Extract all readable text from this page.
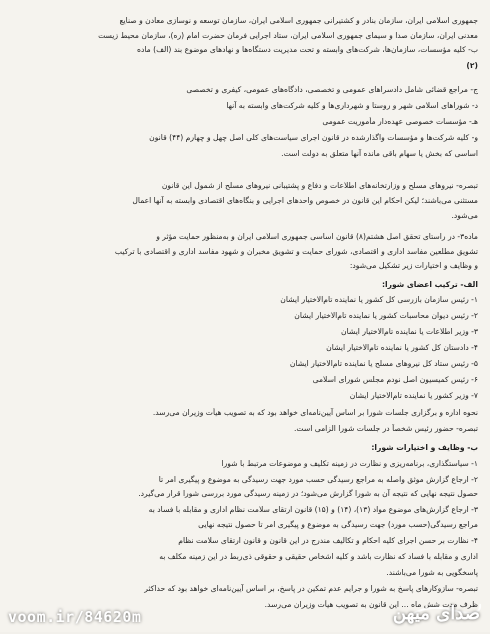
جمهوری اسلامی ایران، سازمان بنادر و کشتیرانی جمهوری اسلامی ایران، سازمان توسعه و نوسازی معادن و صنایع
معدنی ایران، سازمان صدا و سیمای جمهوری اسلامی ایران، ستاد اجرایی فرمان حضرت امام (ره)، سازمان محیط زیست
ب- کلیه مؤسسات، سازمان‌ها، شرکت‌های وابسته و تحت مدیریت دستگاه‌ها و نهادهای موضوع بند (الف) ماده
(۲)
ج- مراجع قضائی شامل دادسراهای عمومی و تخصصی، دادگاه‌های عمومی، کیفری و تخصصی
د- شوراهای اسلامی شهر و روستا و شهرداری‌ها و کلیه شرکت‌های وابسته به آنها
هـ- مؤسسات خصوصی عهده‌دار مأموریت عمومی
و- کلیه شرکت‌ها و مؤسسات واگذارشده در قانون اجرای سیاست‌های کلی اصل چهل و چهارم (۴۴) قانون
اساسی که بخش یا سهام باقی مانده آنها متعلق به دولت است.
تبصره- نیروهای مسلح و وزارتخانه‌های اطلاعات و دفاع و پشتیبانی نیروهای مسلح از شمول این قانون
مستثنی می‌باشند؛ لیکن احکام این قانون در خصوص واحدهای اجرایی و بنگاه‌های اقتصادی وابسته به آنها اعمال
می‌شود.
ماده۳- در راستای تحقق اصل هشتم(۸) قانون اساسی جمهوری اسلامی ایران و به‌منظور حمایت مؤثر و
تشویق مطلعین مفاسد اداری و اقتصادی، شورای حمایت و تشویق مخبران و شهود مفاسد اداری و اقتصادی با ترکیب
و وظایف و اختیارات زیر تشکیل می‌شود:
الف- ترکیب اعضای شورا:
۱- رئیس سازمان بازرسی کل کشور یا نماینده تام‌الاختیار ایشان
۲- رئیس دیوان محاسبات کشور یا نماینده تام‌الاختیار ایشان
۳- وزیر اطلاعات یا نماینده تام‌الاختیار ایشان
۴- دادستان کل کشور یا نماینده تام‌الاختیار ایشان
۵- رئیس ستاد کل نیروهای مسلح یا نماینده تام‌الاختیار ایشان
۶- رئیس کمیسیون اصل نودم مجلس شورای اسلامی
۷- وزیر کشور یا نماینده تام‌الاختیار ایشان
نحوه اداره و برگزاری جلسات شورا بر اساس آیین‌نامه‌ای خواهد بود که به تصویب هیأت وزیران می‌رسد.
تبصره- حضور رئیس شخصاً در جلسات شورا الزامی است.
ب- وظایف و اختیارات شورا:
۱- سیاستگذاری، برنامه‌ریزی و نظارت در زمینه تکلیف و موضوعات مرتبط با شورا
۲- ارجاع گزارش موثق واصله به مراجع رسیدگی حسب مورد جهت رسیدگی به موضوع و پیگیری امر تا
حصول نتیجه نهایی که نتیجه آن به شورا گزارش می‌شود؛ در زمینه رسیدگی مورد بررسی شورا قرار می‌گیرد.
۳- ارجاع گزارش‌های موضوع مواد (۱۳)، (۱۴) و (۱۵) قانون ارتقای سلامت نظام اداری و مقابله با فساد به
مراجع رسیدگی(حسب مورد) جهت رسیدگی به موضوع و پیگیری امر تا حصول نتیجه نهایی
۴- نظارت بر حسن اجرای کلیه احکام و تکالیف مندرج در این قانون و قانون ارتقای سلامت نظام
اداری و مقابله با فساد که نظارت باشد و کلیه اشخاص حقیقی و حقوقی ذی‌ربط در این زمینه مکلف به
پاسخگویی به شورا می‌باشند.
تبصره- سازوکارهای پاسخ به شورا و جرایم عدم تمکین در پاسخ، بر اساس آیین‌نامه‌ای خواهد بود که حداکثر
ظرف مدت شش ماه ... این قانون به تصویب هیأت وزیران می‌رسد.
voom.ir/84620m	صدای میهن
